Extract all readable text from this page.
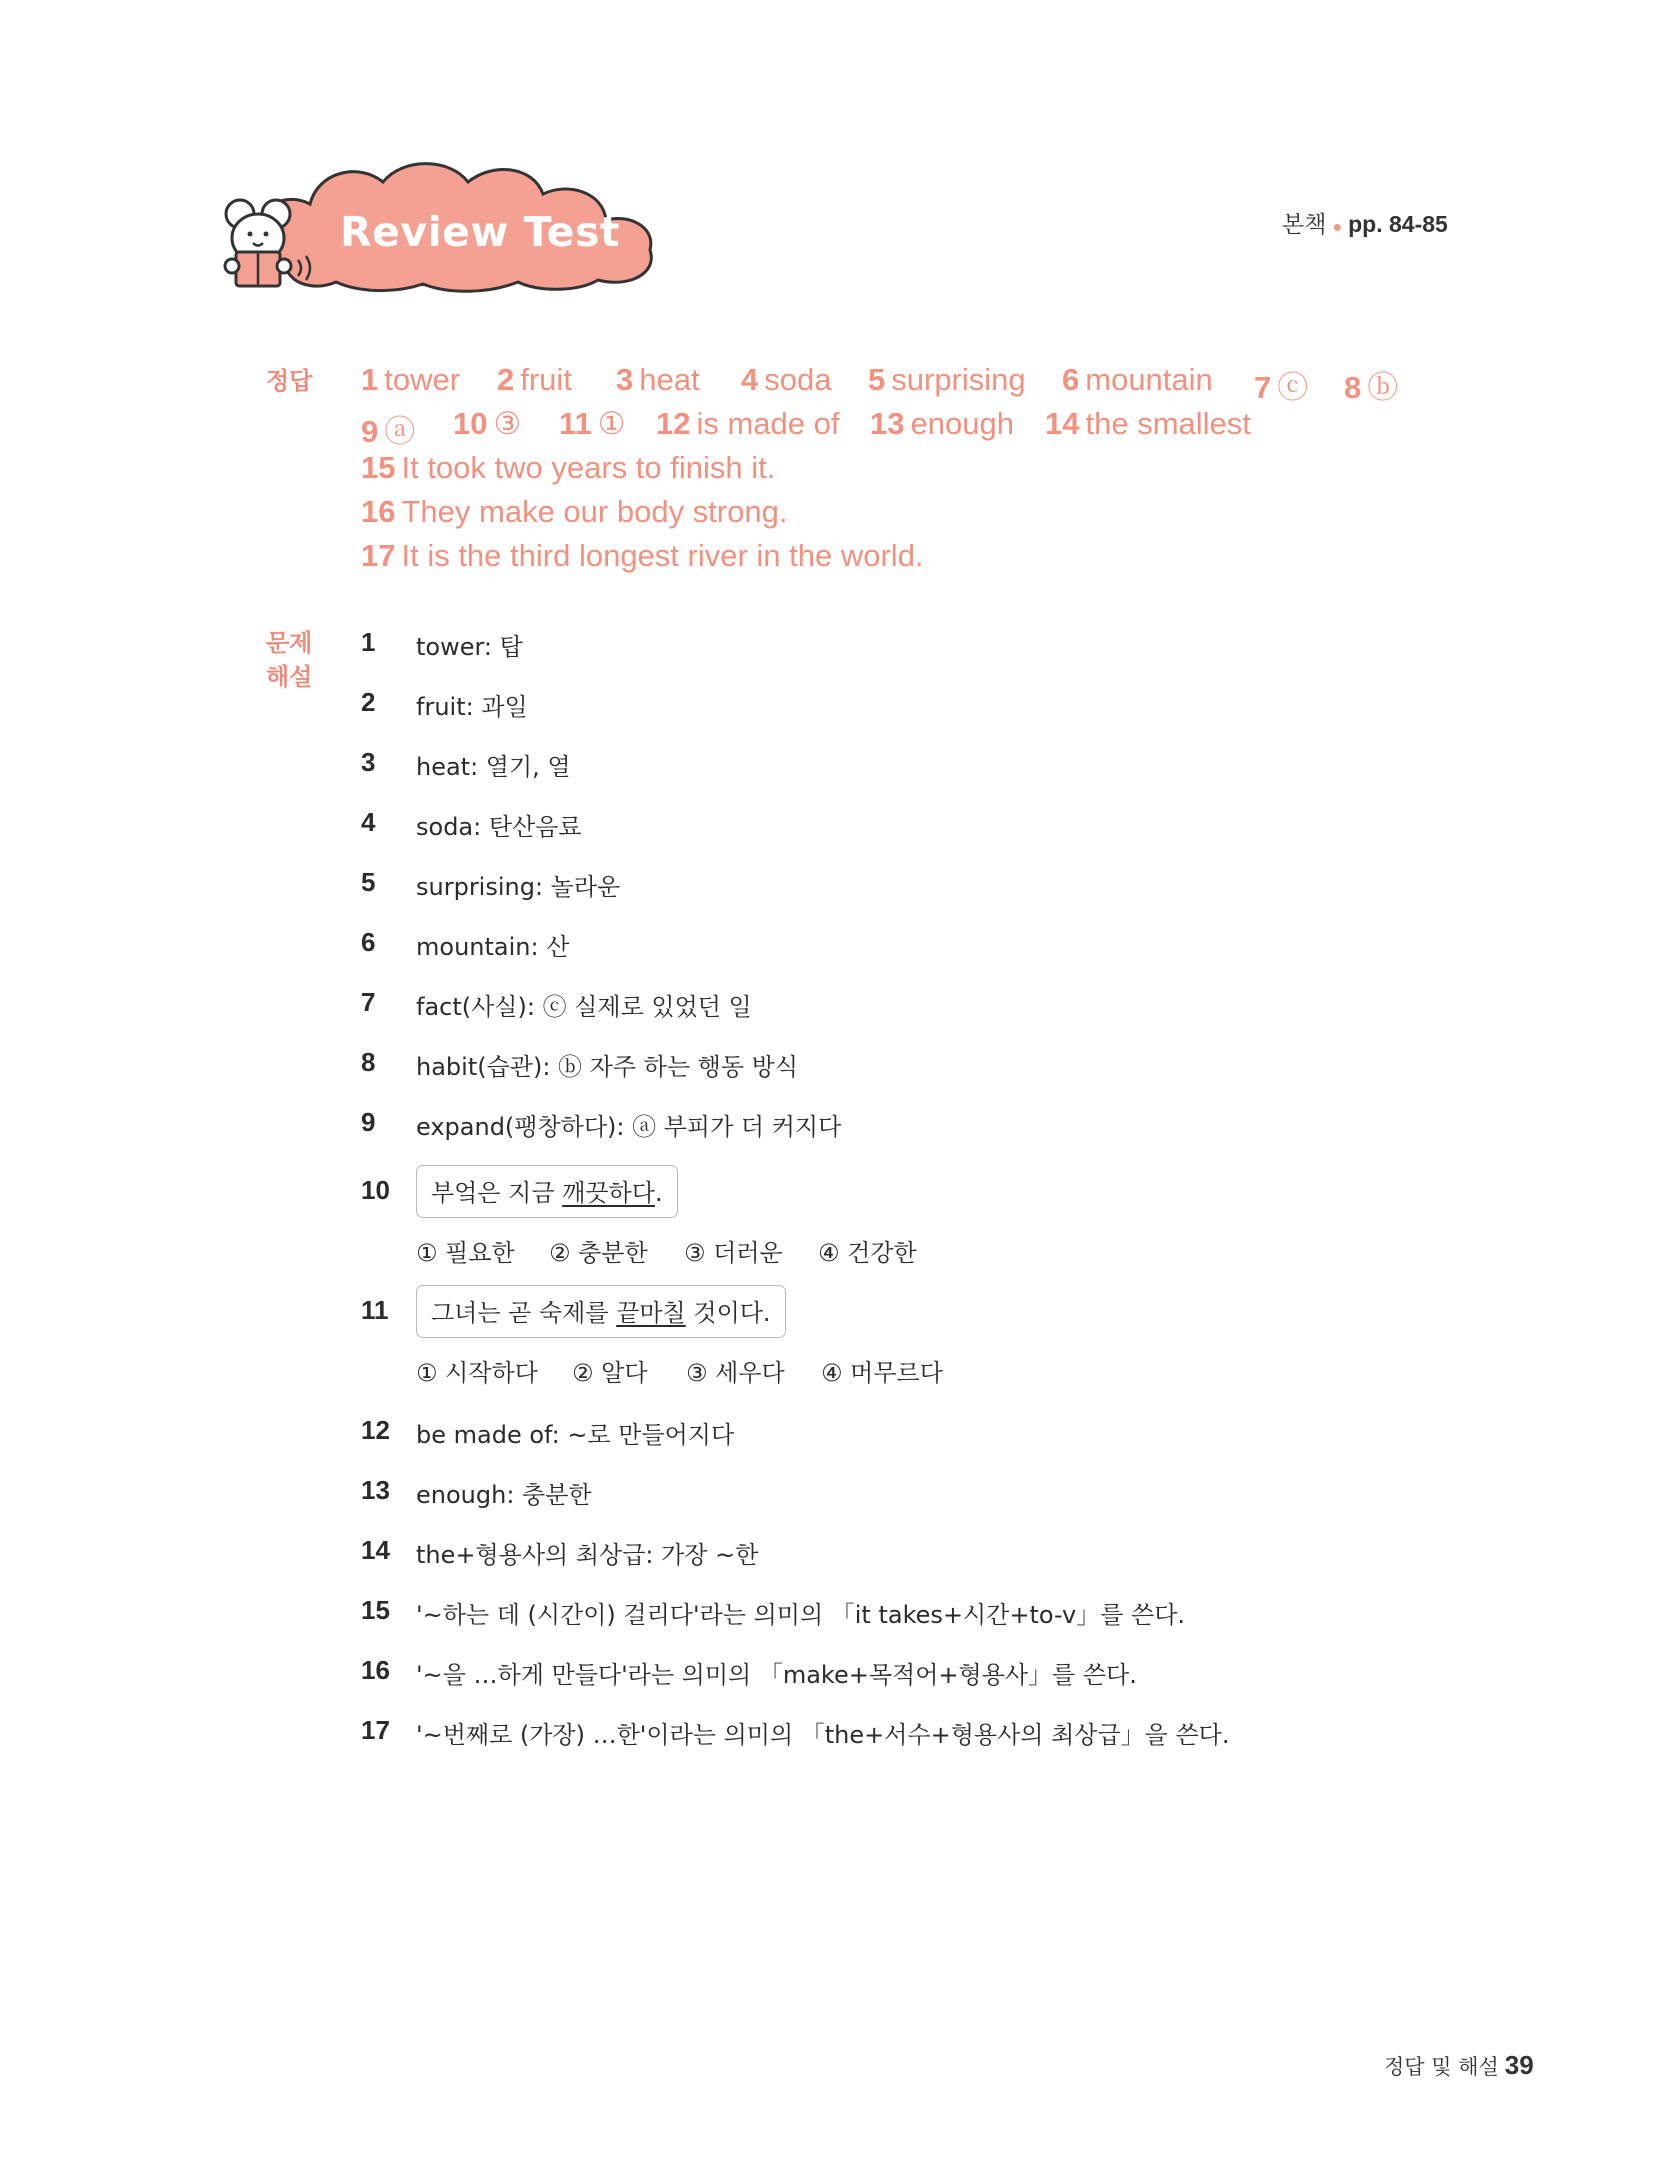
Review Test	본책 ● pp. 84-85
정답 1 tower 2 fruit 3 heat 4 soda 5 surprising 6 mountain 7 ⓒ 8 ⓑ
9 ⓐ 10 ③ 11 ① 12 is made of 13 enough 14 the smallest
15 It took two years to finish it.
16 They make our body strong.
17 It is the third longest river in the world.
문제
해설
1 tower: 탑
2 fruit: 과일
3 heat: 열기, 열
4 soda: 탄산음료
5 surprising: 놀라운
6 mountain: 산
7 fact(사실): ⓒ 실제로 있었던 일
8 habit(습관): ⓑ 자주 하는 행동 방식
9 expand(팽창하다): ⓐ 부피가 더 커지다
10	부엌은 지금 깨끗하다.
① 필요한 ② 충분한 ③ 더러운 ④ 건강한
11	그녀는 곧 숙제를 끝마칠 것이다.
① 시작하다 ② 알다 ③ 세우다 ④ 머무르다
12 be made of: ~로 만들어지다
13 enough: 충분한
14 the+형용사의 최상급: 가장 ~한
15 '~하는 데 (시간이) 걸리다'라는 의미의 「it takes+시간+to-v」를 쓴다.
16 '~을 …하게 만들다'라는 의미의 「make+목적어+형용사」를 쓴다.
17 '~번째로 (가장) …한'이라는 의미의 「the+서수+형용사의 최상급」을 쓴다.
정답 및 해설 39
